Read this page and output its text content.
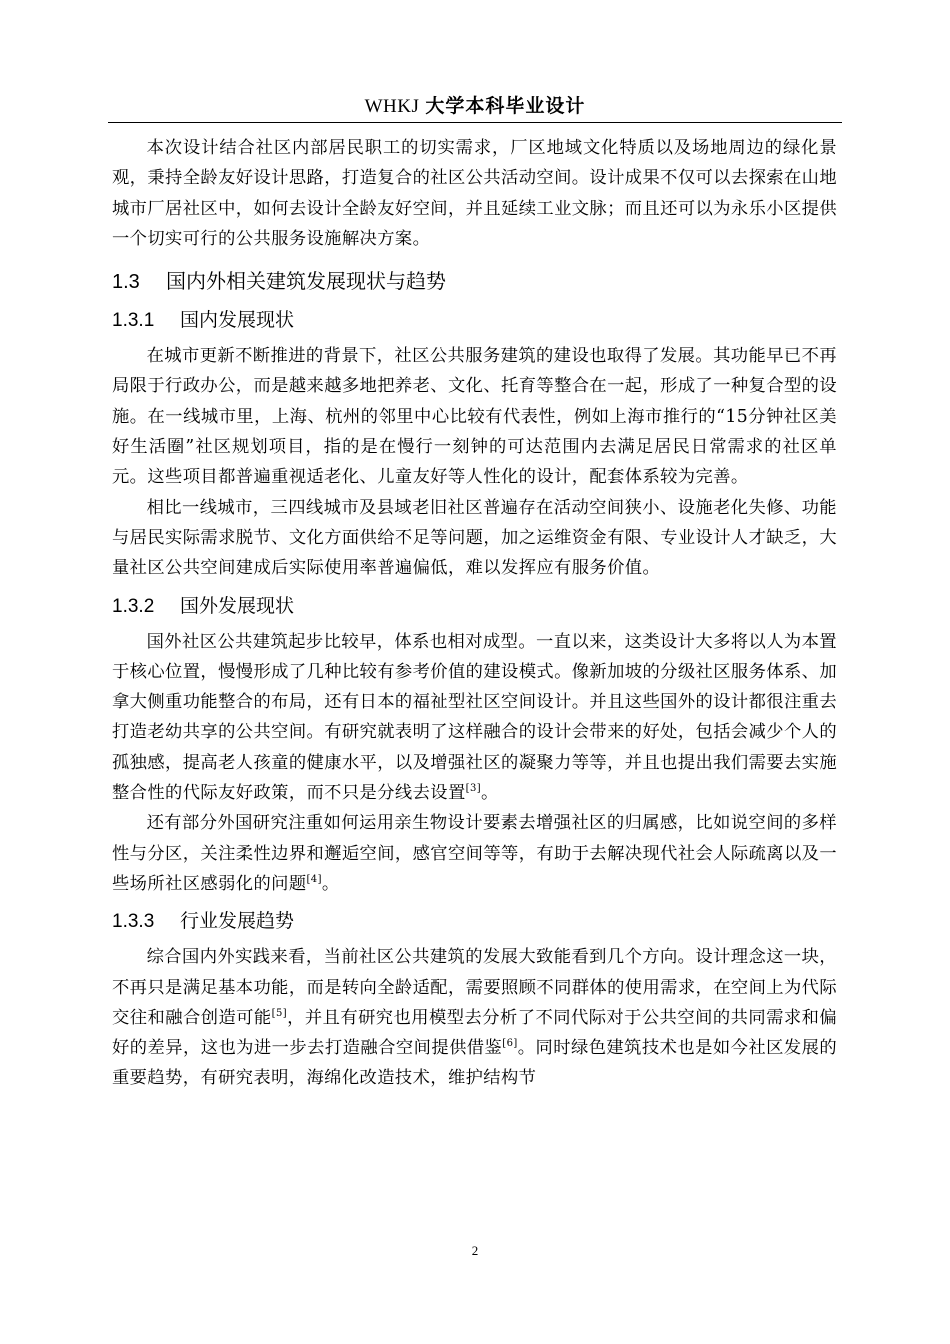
WHKJ 大学本科毕业设计

本次设计结合社区内部居民职工的切实需求，厂区地域文化特质以及场地周边的绿化景观，秉持全龄友好设计思路，打造复合的社区公共活动空间。设计成果不仅可以去探索在山地城市厂居社区中，如何去设计全龄友好空间，并且延续工业文脉；而且还可以为永乐小区提供一个切实可行的公共服务设施解决方案。

1.3 国内外相关建筑发展现状与趋势
1.3.1 国内发展现状

在城市更新不断推进的背景下，社区公共服务建筑的建设也取得了发展。其功能早已不再局限于行政办公，而是越来越多地把养老、文化、托育等整合在一起，形成了一种复合型的设施。在一线城市里，上海、杭州的邻里中心比较有代表性，例如上海市推行的“15分钟社区美好生活圈”社区规划项目，指的是在慢行一刻钟的可达范围内去满足居民日常需求的社区单元。这些项目都普遍重视适老化、儿童友好等人性化的设计，配套体系较为完善。

相比一线城市，三四线城市及县域老旧社区普遍存在活动空间狭小、设施老化失修、功能与居民实际需求脱节、文化方面供给不足等问题，加之运维资金有限、专业设计人才缺乏，大量社区公共空间建成后实际使用率普遍偏低，难以发挥应有服务价值。

1.3.2 国外发展现状

国外社区公共建筑起步比较早，体系也相对成型。一直以来，这类设计大多将以人为本置于核心位置，慢慢形成了几种比较有参考价值的建设模式。像新加坡的分级社区服务体系、加拿大侧重功能整合的布局，还有日本的福祉型社区空间设计。并且这些国外的设计都很注重去打造老幼共享的公共空间。有研究就表明了这样融合的设计会带来的好处，包括会减少个人的孤独感，提高老人孩童的健康水平，以及增强社区的凝聚力等等，并且也提出我们需要去实施整合性的代际友好政策，而不只是分线去设置[3]。

还有部分外国研究注重如何运用亲生物设计要素去增强社区的归属感，比如说空间的多样性与分区，关注柔性边界和邂逅空间，感官空间等等，有助于去解决现代社会人际疏离以及一些场所社区感弱化的问题[4]。

1.3.3 行业发展趋势

综合国内外实践来看，当前社区公共建筑的发展大致能看到几个方向。设计理念这一块，不再只是满足基本功能，而是转向全龄适配，需要照顾不同群体的使用需求，在空间上为代际交往和融合创造可能[5]，并且有研究也用模型去分析了不同代际对于公共空间的共同需求和偏好的差异，这也为进一步去打造融合空间提供借鉴[6]。同时绿色建筑技术也是如今社区发展的重要趋势，有研究表明，海绵化改造技术，维护结构节

2
